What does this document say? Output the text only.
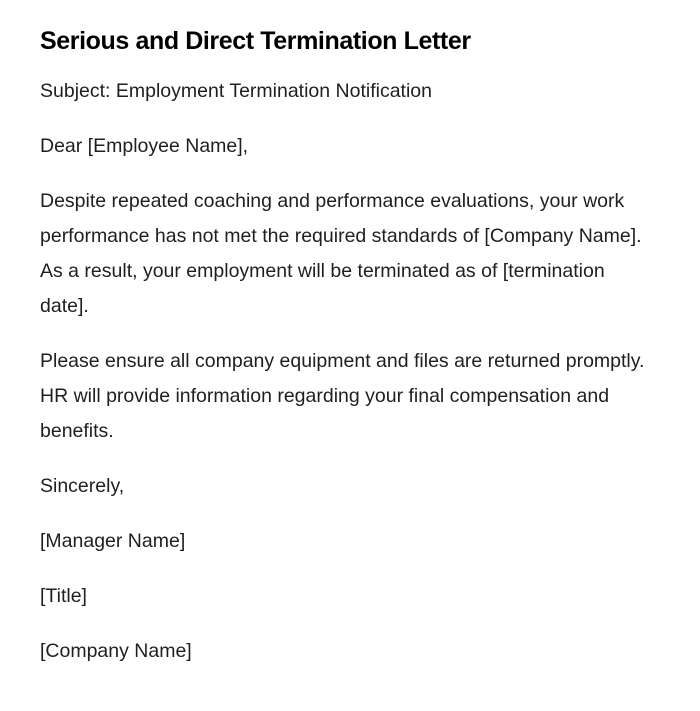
Serious and Direct Termination Letter

Subject: Employment Termination Notification

Dear [Employee Name],

Despite repeated coaching and performance evaluations, your work performance has not met the required standards of [Company Name]. As a result, your employment will be terminated as of [termination date].

Please ensure all company equipment and files are returned promptly. HR will provide information regarding your final compensation and benefits.

Sincerely,

[Manager Name]

[Title]

[Company Name]
